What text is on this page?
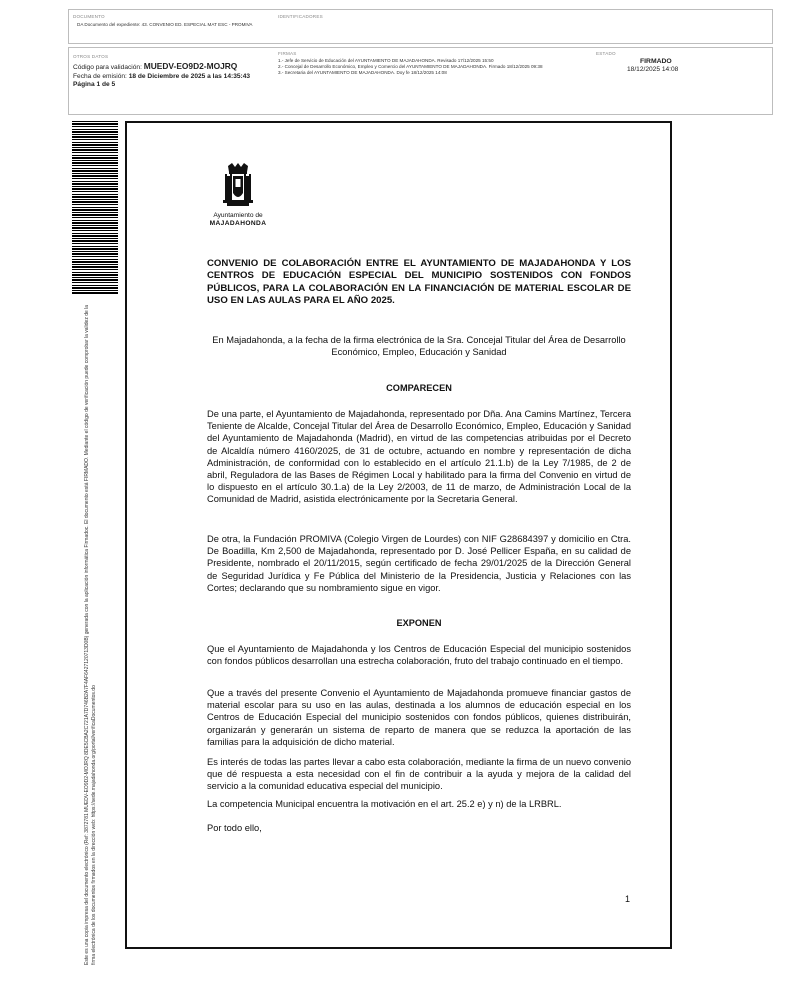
DOCUMENTO
DA Documento del expediente: 43. CONVENIO ED. ESPECIAL MAT ESC - PROMIVA
IDENTIFICADORES
OTROS DATOS
Código para validación: MUEDV-EO9D2-MOJRQ
Fecha de emisión: 18 de Diciembre de 2025 a las 14:35:43
Página 1 de 5
FIRMAS
1.- Jefe de Servicio de Educación del AYUNTAMIENTO DE MAJADAHONDA. Revisado 17/12/2025 15:50
2.- Concejal de Desarrollo Económico, Empleo y Comercio del AYUNTAMIENTO DE MAJADAHONDA. Firmado 18/12/2025 09:38
3.- Secretaria del AYUNTAMIENTO DE MAJADAHONDA. Doy fe 18/12/2025 14:08
ESTADO
FIRMADO
18/12/2025 14:08
Este es una copia impresa del documento electrónico (Ref: 3872781 MUEDV-EO9D2-MOJRQ 8DE5CBA2C721A7D746B2A7F4AF6427120713D0B) generada con la aplicación informática Firmadoc. El documento está FIRMADO. Mediante el código de verificación puede comprobar la validez de la firma electrónica de los documentos firmados en la dirección web: https://sede.majadahonda.org/portal/verificaDocumentos.do
Ayuntamiento de
MAJADAHONDA
CONVENIO DE COLABORACIÓN ENTRE EL AYUNTAMIENTO DE MAJADAHONDA Y LOS CENTROS DE EDUCACIÓN ESPECIAL DEL MUNICIPIO SOSTENIDOS CON FONDOS PÚBLICOS, PARA LA COLABORACIÓN EN LA FINANCIACIÓN DE MATERIAL ESCOLAR DE USO EN LAS AULAS PARA EL AÑO 2025.
En Majadahonda, a la fecha de la firma electrónica de la Sra. Concejal Titular del Área de Desarrollo Económico, Empleo, Educación y Sanidad
COMPARECEN
De una parte, el Ayuntamiento de Majadahonda, representado por Dña. Ana Camins Martínez, Tercera Teniente de Alcalde, Concejal Titular del Área de Desarrollo Económico, Empleo, Educación y Sanidad del Ayuntamiento de Majadahonda (Madrid), en virtud de las competencias atribuidas por el Decreto de Alcaldía número 4160/2025, de 31 de octubre, actuando en nombre y representación de dicha Administración, de conformidad con lo establecido en el artículo 21.1.b) de la Ley 7/1985, de 2 de abril, Reguladora de las Bases de Régimen Local y habilitado para la firma del Convenio en virtud de lo dispuesto en el artículo 30.1.a) de la Ley 2/2003, de 11 de marzo, de Administración Local de la Comunidad de Madrid, asistida electrónicamente por la Secretaria General.
De otra, la Fundación PROMIVA (Colegio Virgen de Lourdes) con NIF G28684397 y domicilio en Ctra. De Boadilla, Km 2,500 de Majadahonda, representado por D. José Pellicer España, en su calidad de Presidente, nombrado el 20/11/2015, según certificado de fecha 29/01/2025 de la Dirección General de Seguridad Jurídica y Fe Pública del Ministerio de la Presidencia, Justicia y Relaciones con las Cortes; declarando que su nombramiento sigue en vigor.
EXPONEN
Que el Ayuntamiento de Majadahonda y los Centros de Educación Especial del municipio sostenidos con fondos públicos desarrollan una estrecha colaboración, fruto del trabajo continuado en el tiempo.
Que a través del presente Convenio el Ayuntamiento de Majadahonda promueve financiar gastos de material escolar para su uso en las aulas, destinada a los alumnos de educación especial en los Centros de Educación Especial del municipio sostenidos con fondos públicos, quienes distribuirán, organizarán y generarán un sistema de reparto de manera que se reduzca la aportación de las familias para la adquisición de dicho material.
Es interés de todas las partes llevar a cabo esta colaboración, mediante la firma de un nuevo convenio que dé respuesta a esta necesidad con el fin de contribuir a la ayuda y mejora de la calidad del servicio a la comunidad educativa especial del municipio.
La competencia Municipal encuentra la motivación en el art. 25.2 e) y n) de la LRBRL.
Por todo ello,
1
